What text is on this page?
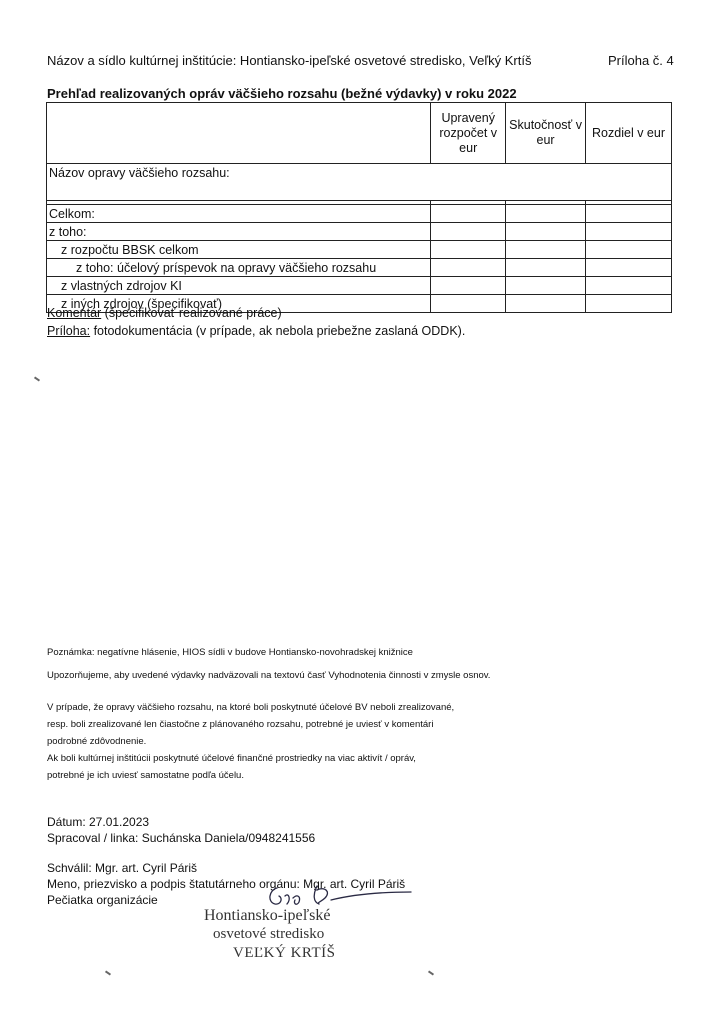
Názov a sídlo kultúrnej inštitúcie: Hontiansko-ipeľské osvetové stredisko, Veľký Krtíš	Príloha č. 4
Prehľad realizovaných opráv väčšieho rozsahu (bežné výdavky) v roku 2022
	Upravený rozpočet v eur	Skutočnosť v eur	Rozdiel v eur
Názov opravy väčšieho rozsahu:			

Celkom:			
z toho:			
z rozpočtu BBSK celkom			
z toho: účelový príspevok na opravy väčšieho rozsahu			
z vlastných zdrojov KI			
z iných zdrojov (špecifikovať)			
Komentár (špecifikovať realizované práce)
Príloha: fotodokumentácia (v prípade, ak nebola priebežne zaslaná ODDK).
Poznámka: negatívne hlásenie, HIOS sídli v budove Hontiansko-novohradskej knižnice
Upozorňujeme, aby uvedené výdavky nadväzovali na textovú časť Vyhodnotenia činnosti v zmysle osnov.
V prípade, že opravy väčšieho rozsahu, na ktoré boli poskytnuté účelové BV neboli zrealizované,
resp. boli zrealizované len čiastočne z plánovaného rozsahu, potrebné je uviesť v komentári
podrobné zdôvodnenie.
Ak boli kultúrnej inštitúcii poskytnuté účelové finančné prostriedky na viac aktivít / opráv,
potrebné je ich uviesť samostatne podľa účelu.
Dátum: 27.01.2023
Spracoval / linka: Suchánska Daniela/0948241556
Schválil: Mgr. art. Cyril Páriš
Meno, priezvisko a podpis štatutárneho orgánu: Mgr. art. Cyril Páriš
Pečiatka organizácie
Hontiansko-ipeľské
osvetové stredisko
VEĽKÝ KRTÍŠ
